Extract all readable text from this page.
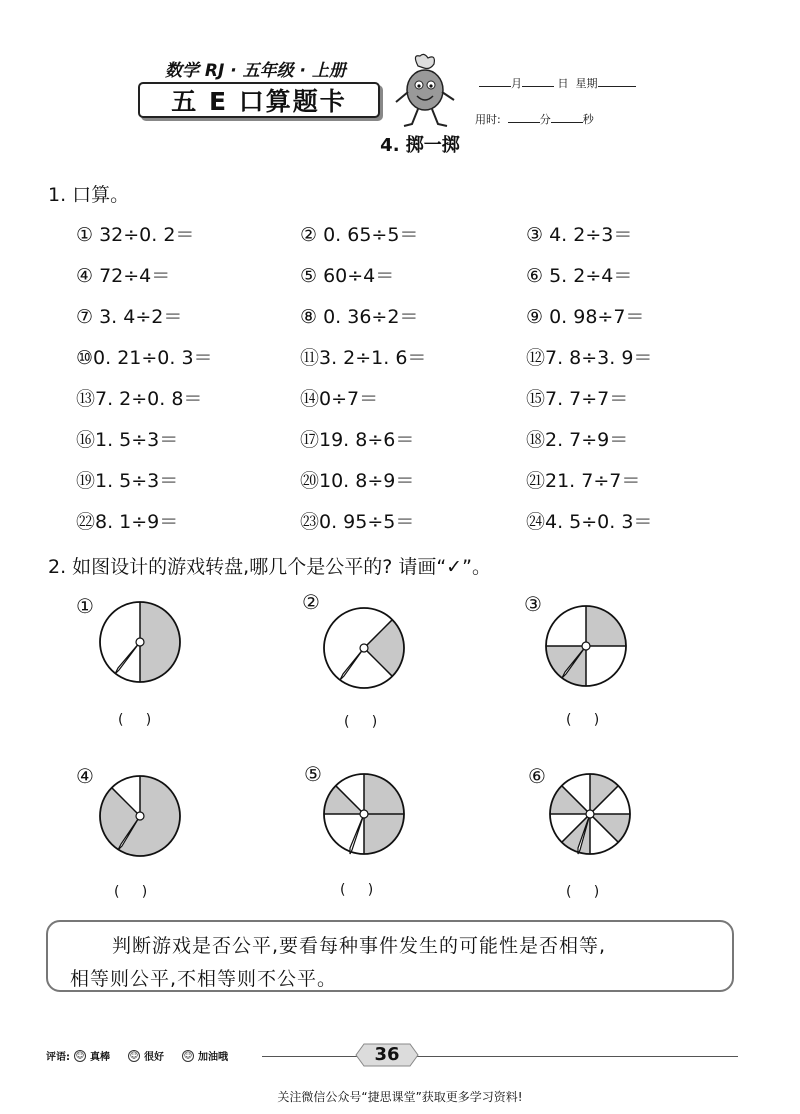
数学 RJ · 五年级 · 上册
五 E 口算题卡

月	日 星期

用时:	分	秒

4. 掷一掷
1. 口算。
① 32÷0. 2＝	② 0. 65÷5＝	③ 4. 2÷3＝
④ 72÷4＝	⑤ 60÷4＝	⑥ 5. 2÷4＝
⑦ 3. 4÷2＝	⑧ 0. 36÷2＝	⑨ 0. 98÷7＝
⑩0. 21÷0. 3＝	⑪3. 2÷1. 6＝	⑫7. 8÷3. 9＝
⑬7. 2÷0. 8＝	⑭0÷7＝	⑮7. 7÷7＝
⑯1. 5÷3＝	⑰19. 8÷6＝	⑱2. 7÷9＝
⑲1. 5÷3＝	⑳10. 8÷9＝	㉑21. 7÷7＝
㉒8. 1÷9＝	㉓0. 95÷5＝	㉔4. 5÷0. 3＝
2. 如图设计的游戏转盘,哪几个是公平的? 请画“✓”。
①	②	③
④	⑤	⑥
(     )	(     )	(     )
(     )	(     )	(     )
判断游戏是否公平,要看每种事件发生的可能性是否相等,
相等则公平,不相等则不公平。
评语: ☺ 真棒 ☺ 很好 ☺ 加油哦	36
关注微信公众号“捷思课堂”获取更多学习资料!
